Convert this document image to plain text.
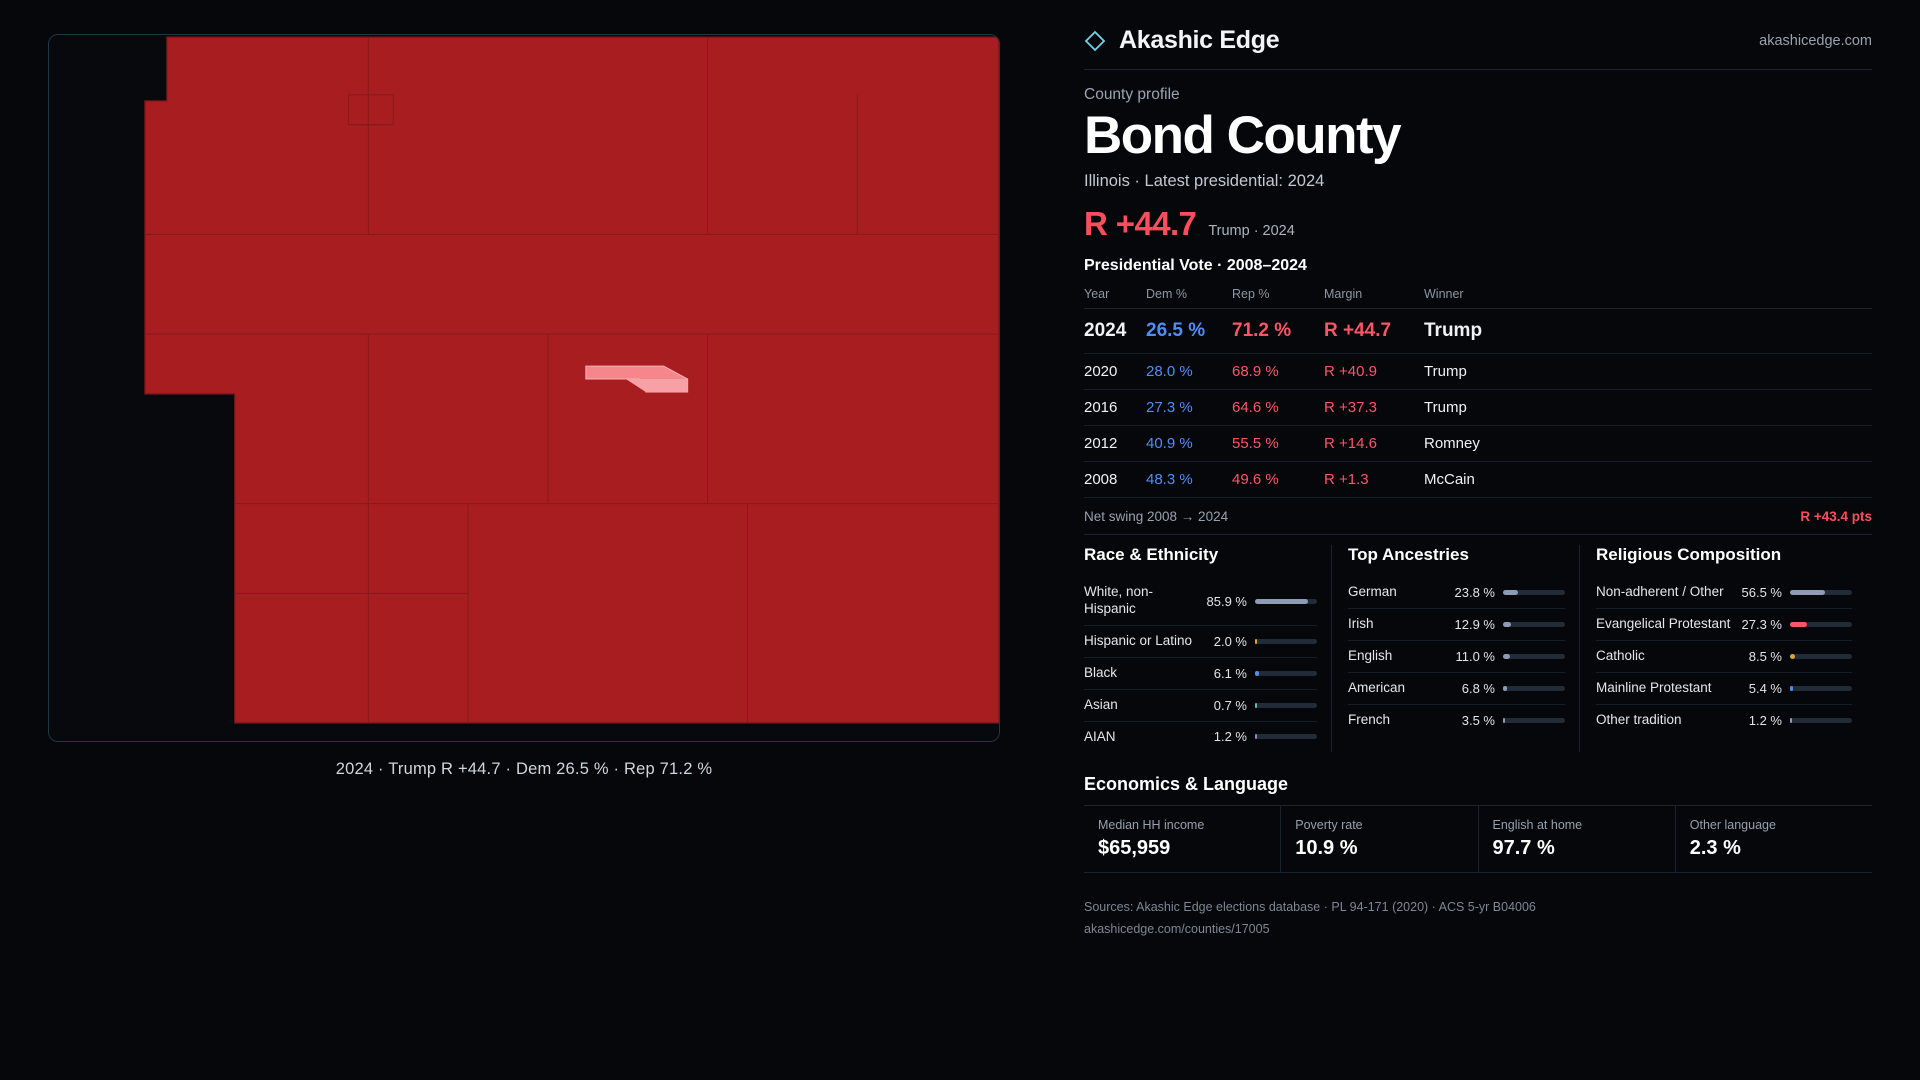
2024 · Trump R +44.7 · Dem 26.5 % · Rep 71.2 %
Akashic Edge	akashicedge.com
County profile
Bond County
Illinois · Latest presidential: 2024
R +44.7 Trump · 2024
Presidential Vote · 2008–2024
Year	Dem %	Rep %	Margin	Winner
2024	26.5 %	71.2 %	R +44.7	Trump
2020	28.0 %	68.9 %	R +40.9	Trump
2016	27.3 %	64.6 %	R +37.3	Trump
2012	40.9 %	55.5 %	R +14.6	Romney
2008	48.3 %	49.6 %	R +1.3	McCain
Net swing 2008 → 2024	R +43.4 pts
Race & Ethnicity
White, non-Hispanic	85.9 %
Hispanic or Latino	2.0 %
Black	6.1 %
Asian	0.7 %
AIAN	1.2 %
Top Ancestries
German	23.8 %
Irish	12.9 %
English	11.0 %
American	6.8 %
French	3.5 %
Religious Composition
Non-adherent / Other	56.5 %
Evangelical Protestant 27.3 %
Catholic	8.5 %
Mainline Protestant	5.4 %
Other tradition	1.2 %
Economics & Language
Median HH income
$65,959
Poverty rate
10.9 %
English at home
97.7 %
Other language
2.3 %
Sources: Akashic Edge elections database · PL 94-171 (2020) · ACS 5-yr B04006
akashicedge.com/counties/17005
